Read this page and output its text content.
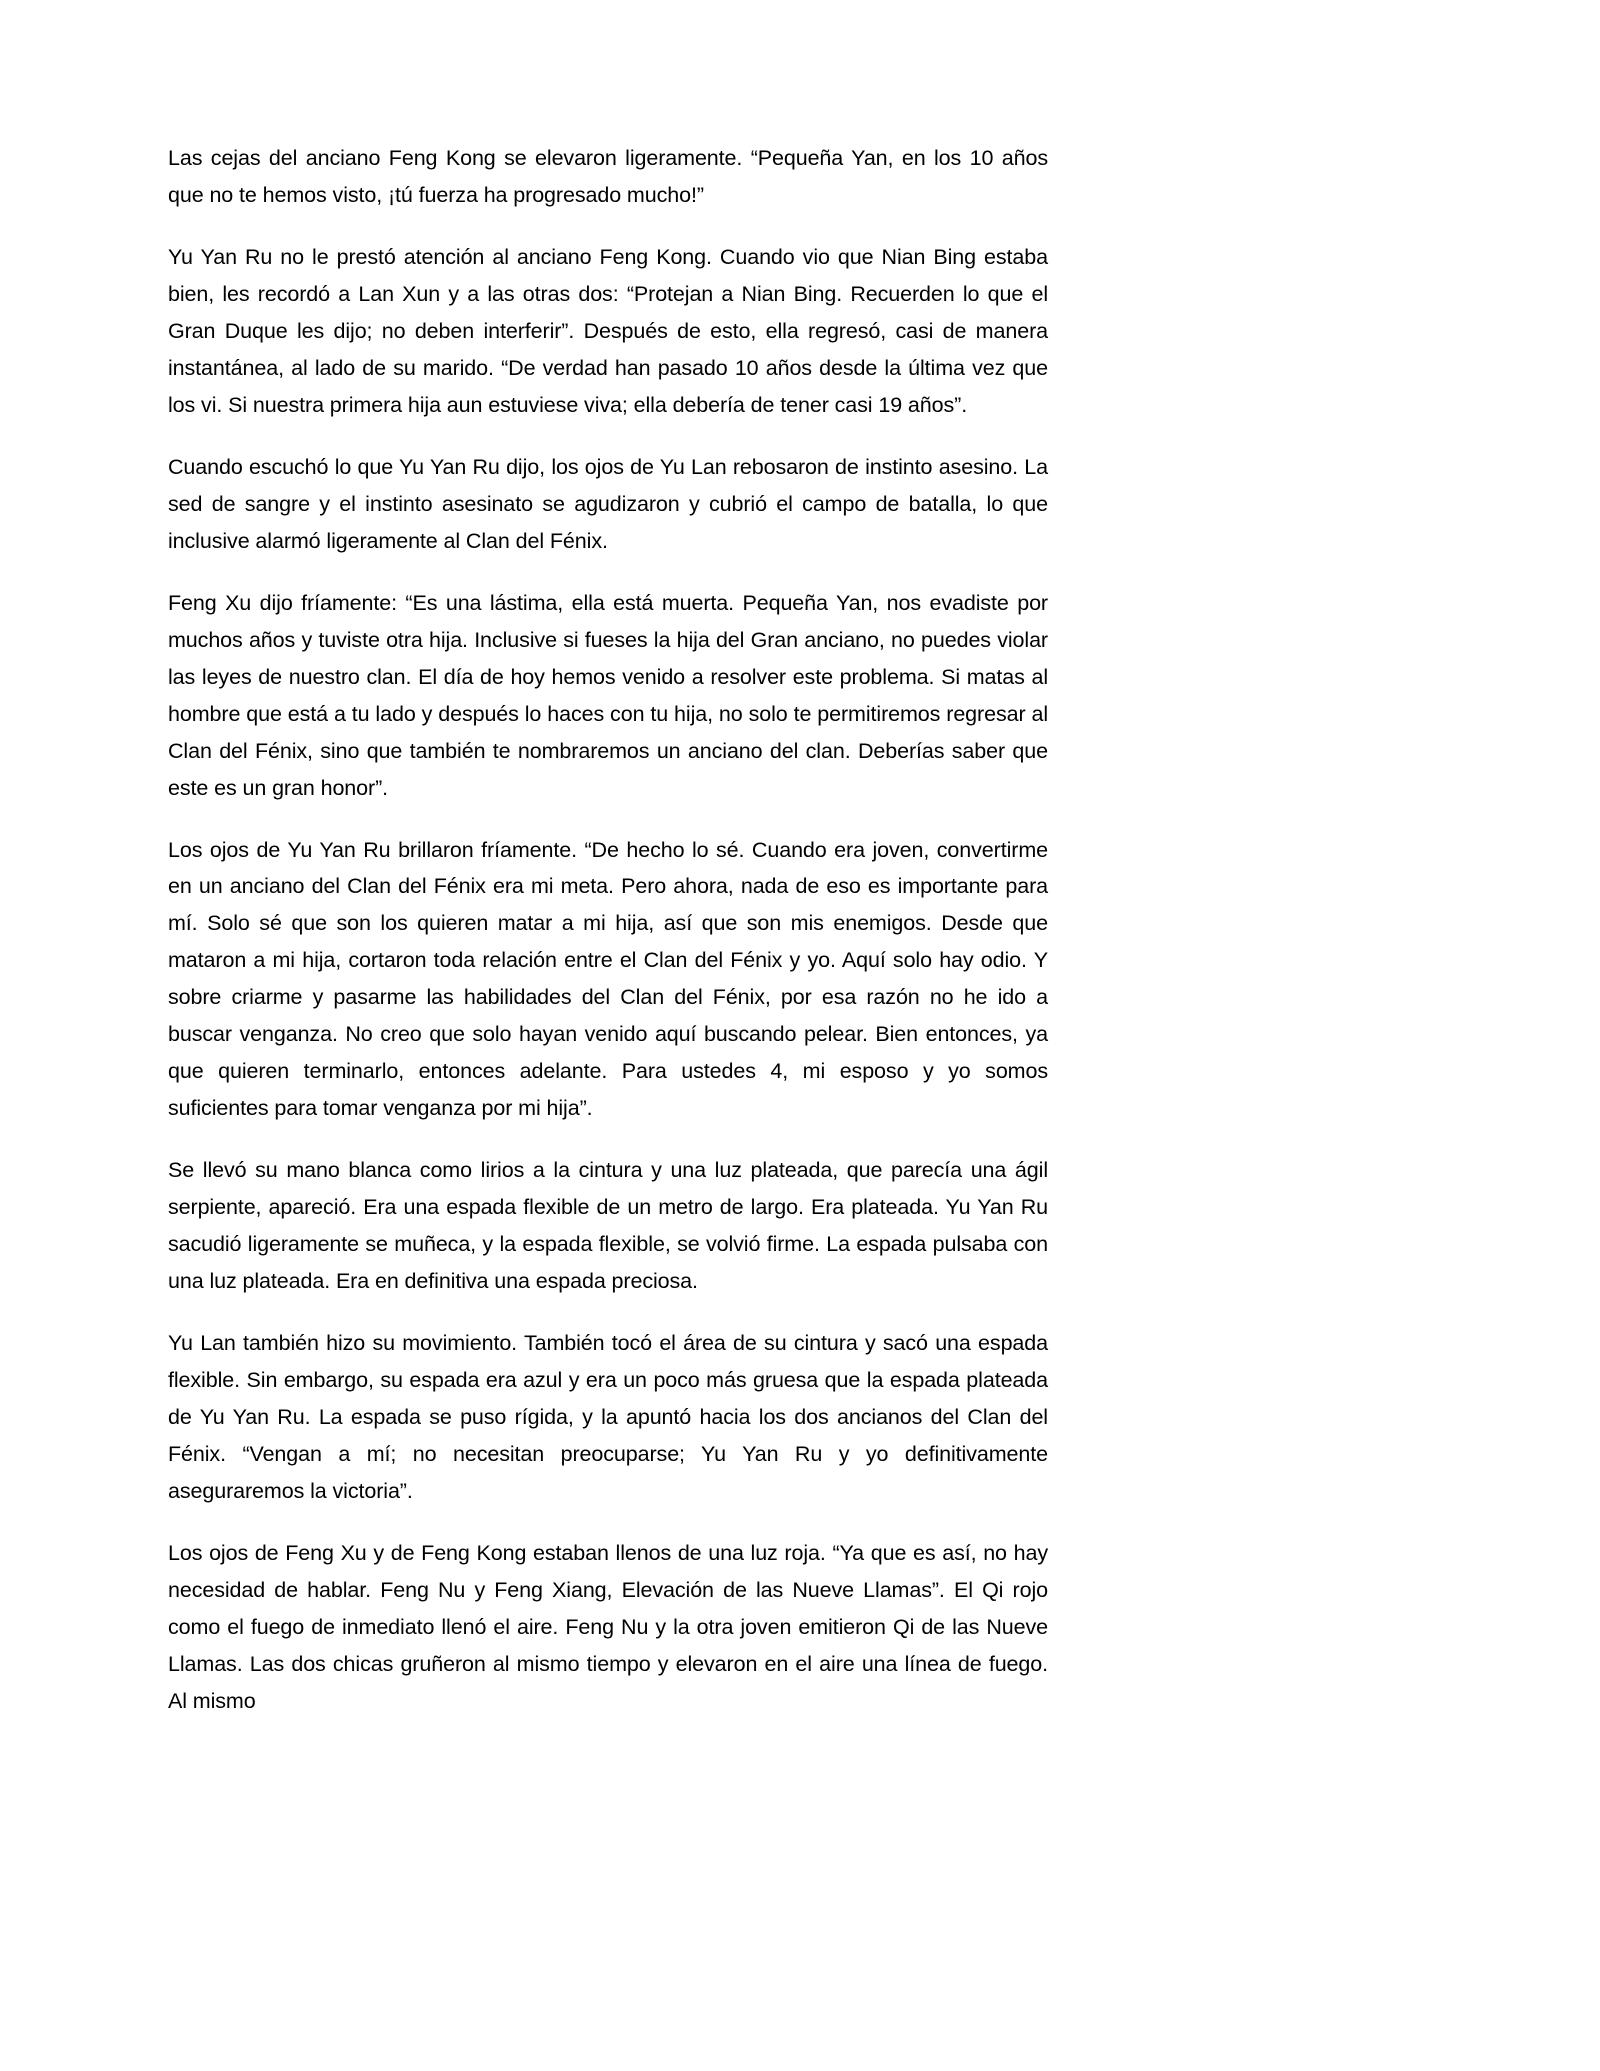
Las cejas del anciano Feng Kong se elevaron ligeramente. “Pequeña Yan, en los 10 años que no te hemos visto, ¡tú fuerza ha progresado mucho!”

Yu Yan Ru no le prestó atención al anciano Feng Kong. Cuando vio que Nian Bing estaba bien, les recordó a Lan Xun y a las otras dos: “Protejan a Nian Bing. Recuerden lo que el Gran Duque les dijo; no deben interferir”. Después de esto, ella regresó, casi de manera instantánea, al lado de su marido. “De verdad han pasado 10 años desde la última vez que los vi. Si nuestra primera hija aun estuviese viva; ella debería de tener casi 19 años”.

Cuando escuchó lo que Yu Yan Ru dijo, los ojos de Yu Lan rebosaron de instinto asesino. La sed de sangre y el instinto asesinato se agudizaron y cubrió el campo de batalla, lo que inclusive alarmó ligeramente al Clan del Fénix.

Feng Xu dijo fríamente: “Es una lástima, ella está muerta. Pequeña Yan, nos evadiste por muchos años y tuviste otra hija. Inclusive si fueses la hija del Gran anciano, no puedes violar las leyes de nuestro clan. El día de hoy hemos venido a resolver este problema. Si matas al hombre que está a tu lado y después lo haces con tu hija, no solo te permitiremos regresar al Clan del Fénix, sino que también te nombraremos un anciano del clan. Deberías saber que este es un gran honor”.

Los ojos de Yu Yan Ru brillaron fríamente. “De hecho lo sé. Cuando era joven, convertirme en un anciano del Clan del Fénix era mi meta. Pero ahora, nada de eso es importante para mí. Solo sé que son los quieren matar a mi hija, así que son mis enemigos. Desde que mataron a mi hija, cortaron toda relación entre el Clan del Fénix y yo. Aquí solo hay odio. Y sobre criarme y pasarme las habilidades del Clan del Fénix, por esa razón no he ido a buscar venganza. No creo que solo hayan venido aquí buscando pelear. Bien entonces, ya que quieren terminarlo, entonces adelante. Para ustedes 4, mi esposo y yo somos suficientes para tomar venganza por mi hija”.

Se llevó su mano blanca como lirios a la cintura y una luz plateada, que parecía una ágil serpiente, apareció. Era una espada flexible de un metro de largo. Era plateada. Yu Yan Ru sacudió ligeramente se muñeca, y la espada flexible, se volvió firme. La espada pulsaba con una luz plateada. Era en definitiva una espada preciosa.

Yu Lan también hizo su movimiento. También tocó el área de su cintura y sacó una espada flexible. Sin embargo, su espada era azul y era un poco más gruesa que la espada plateada de Yu Yan Ru. La espada se puso rígida, y la apuntó hacia los dos ancianos del Clan del Fénix. “Vengan a mí; no necesitan preocuparse; Yu Yan Ru y yo definitivamente aseguraremos la victoria”.

Los ojos de Feng Xu y de Feng Kong estaban llenos de una luz roja. “Ya que es así, no hay necesidad de hablar. Feng Nu y Feng Xiang, Elevación de las Nueve Llamas”. El Qi rojo como el fuego de inmediato llenó el aire. Feng Nu y la otra joven emitieron Qi de las Nueve Llamas. Las dos chicas gruñeron al mismo tiempo y elevaron en el aire una línea de fuego. Al mismo
